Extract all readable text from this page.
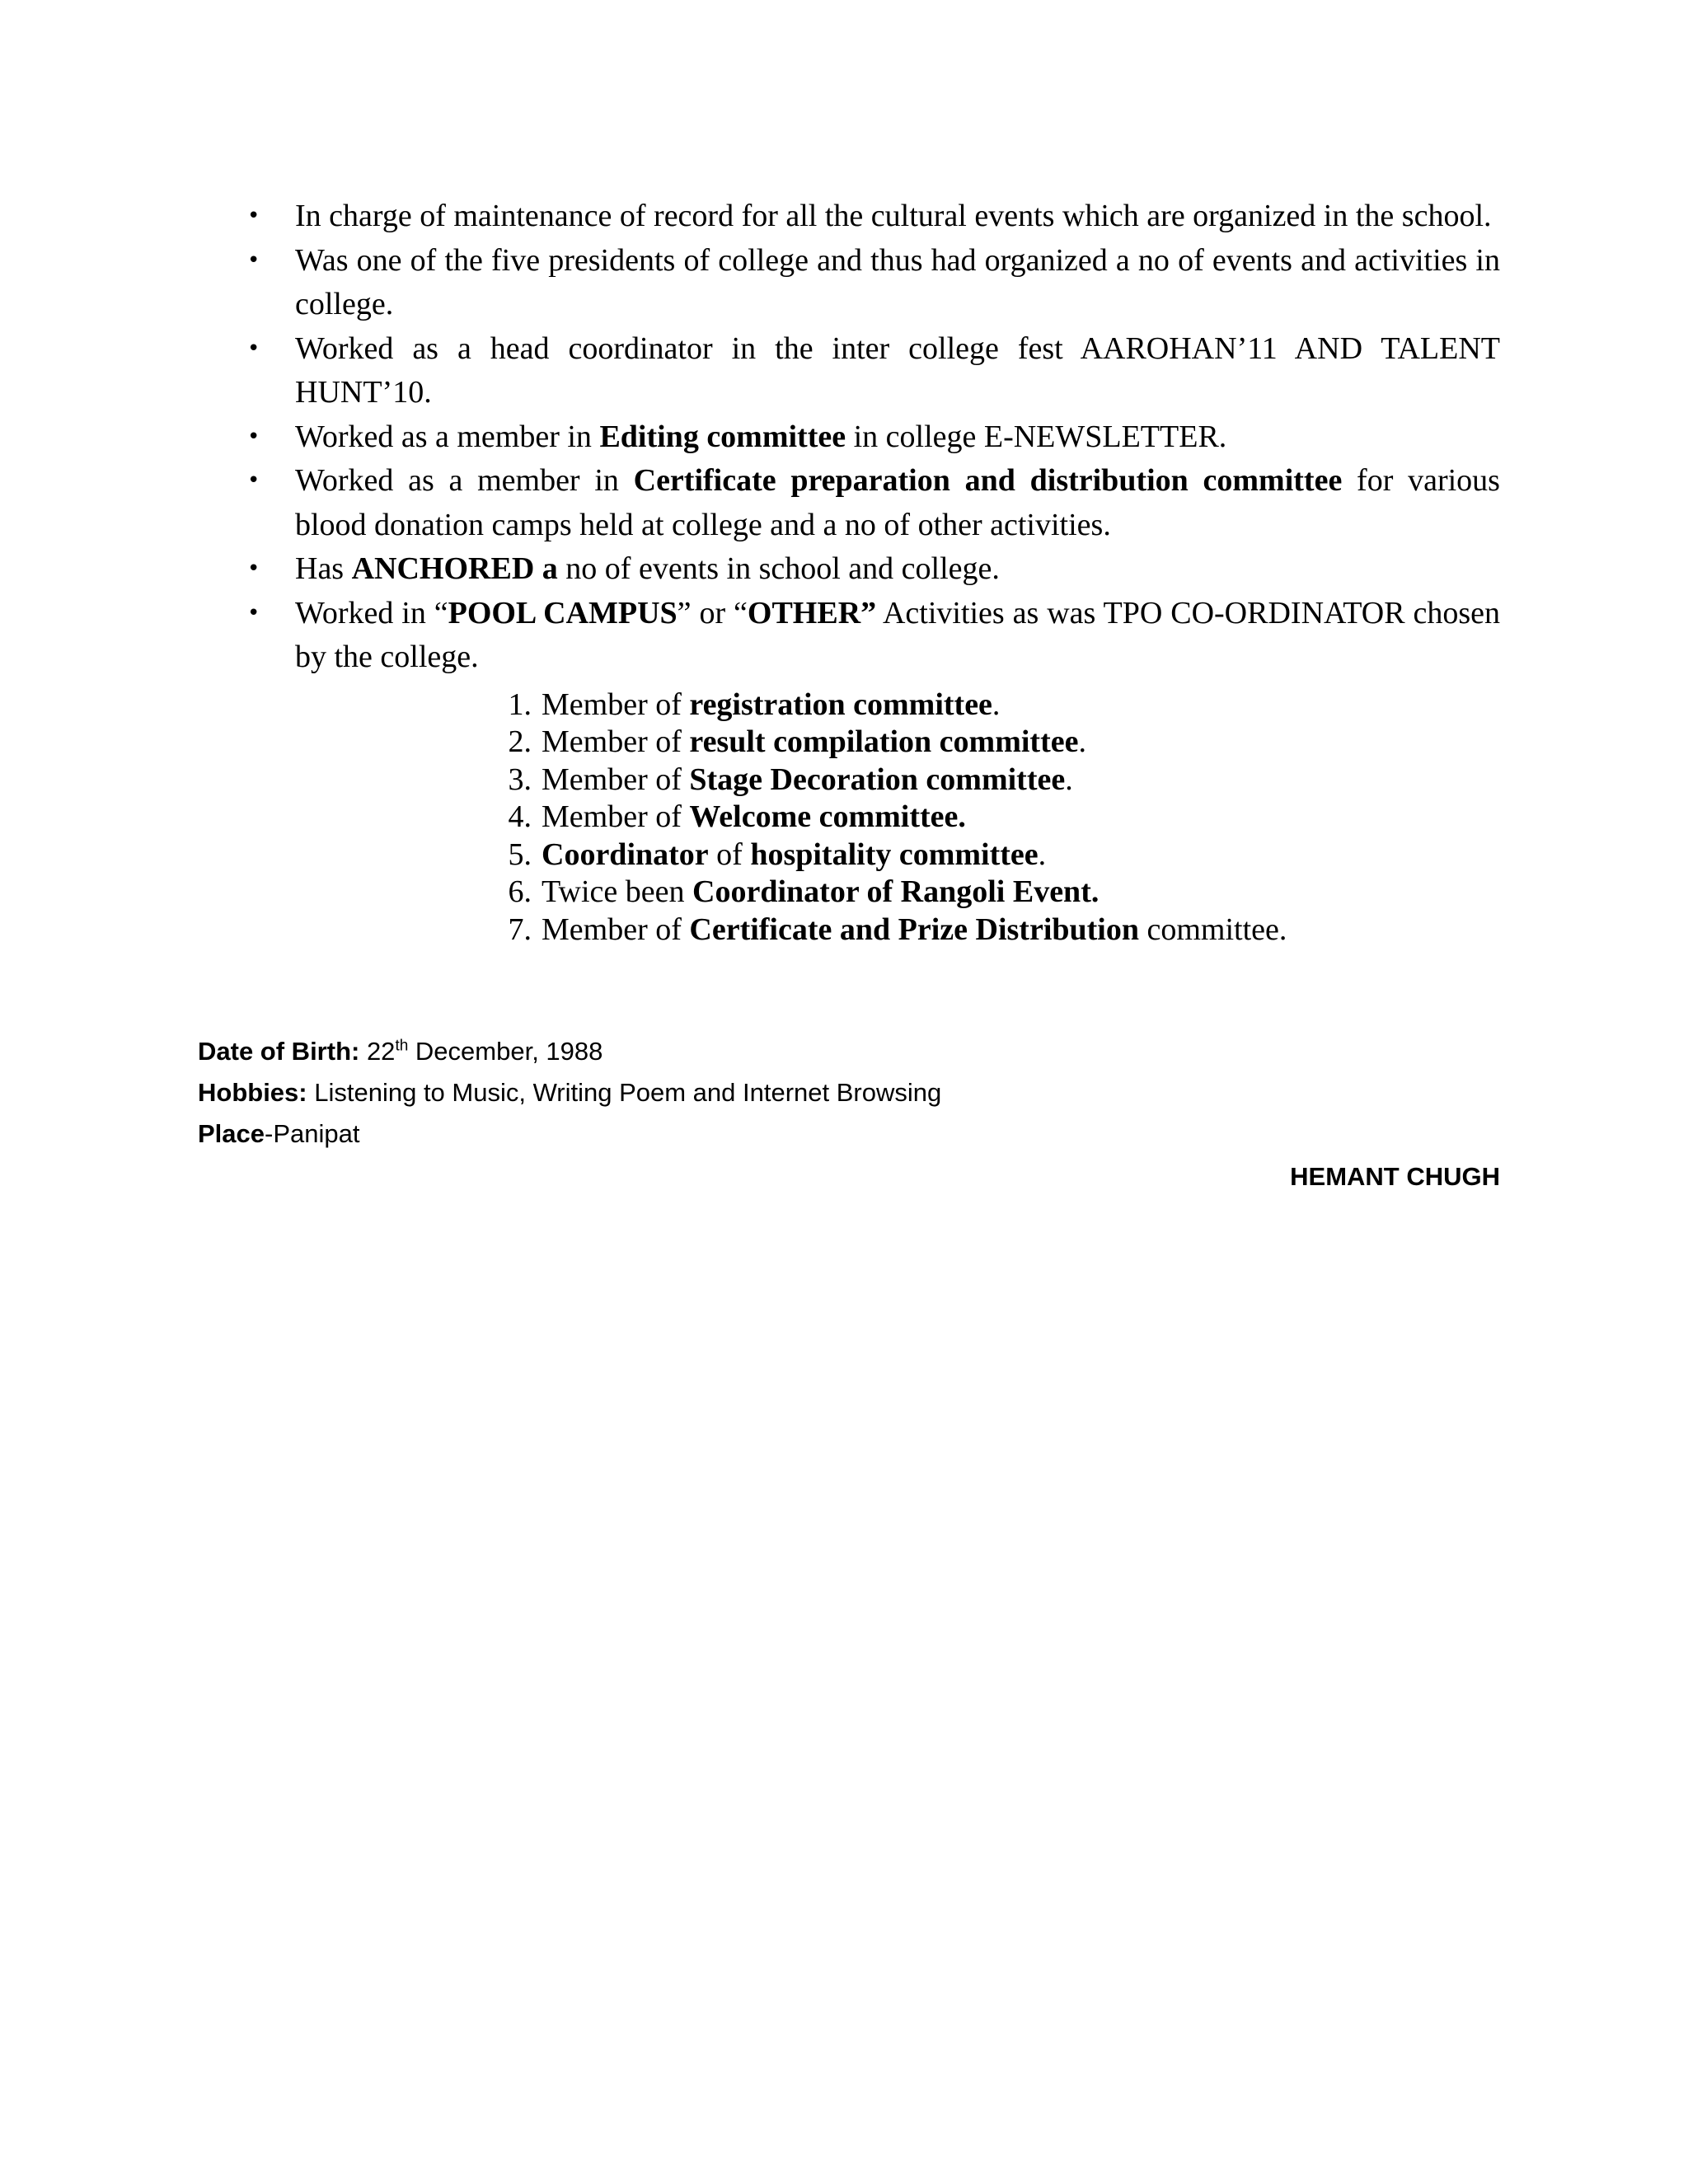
• In charge of maintenance of record for all the cultural events which are organized in the school.
• Was one of the five presidents of college and thus had organized a no of events and activities in college.
• Worked as a head coordinator in the inter college fest AAROHAN’11 AND TALENT HUNT’10.
• Worked as a member in Editing committee in college E-NEWSLETTER.
• Worked as a member in Certificate preparation and distribution committee for various blood donation camps held at college and a no of other activities.
• Has ANCHORED a no of events in school and college.
• Worked in “POOL CAMPUS” or “OTHER” Activities as was TPO CO-ORDINATOR chosen by the college.
1. Member of registration committee.
2. Member of result compilation committee.
3. Member of Stage Decoration committee.
4. Member of Welcome committee.
5. Coordinator of hospitality committee.
6. Twice been Coordinator of Rangoli Event.
7. Member of Certificate and Prize Distribution committee.
Date of Birth: 22th December, 1988
Hobbies: Listening to Music, Writing Poem and Internet Browsing
Place-Panipat
HEMANT CHUGH
